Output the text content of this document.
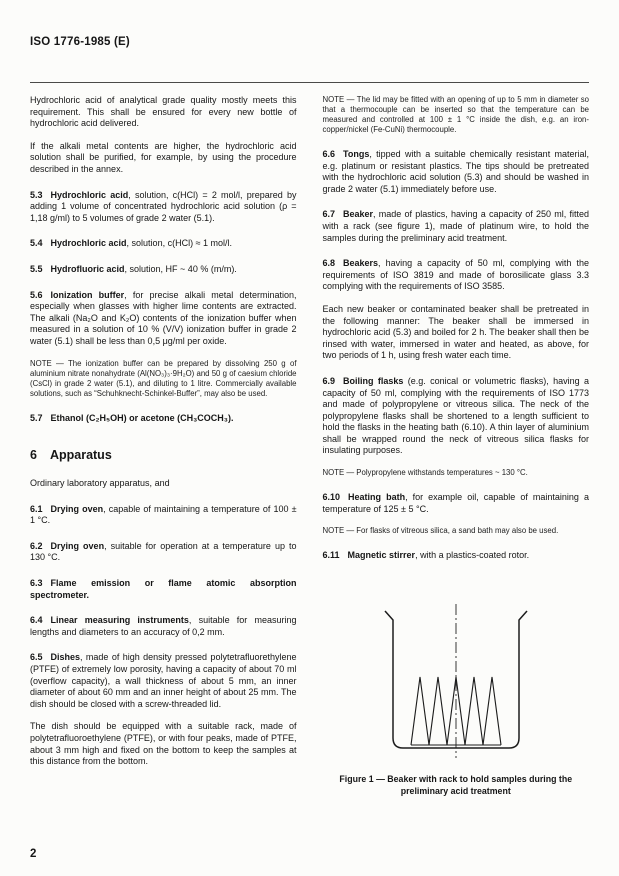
ISO 1776-1985 (E)

Hydrochloric acid of analytical grade quality mostly meets this requirement. This shall be ensured for every new bottle of hydrochloric acid delivered.

If the alkali metal contents are higher, the hydrochloric acid solution shall be purified, for example, by using the procedure described in the annex.

5.3 Hydrochloric acid, solution, c(HCl) = 2 mol/l, prepared by adding 1 volume of concentrated hydrochloric acid solution (ρ = 1,18 g/ml) to 5 volumes of grade 2 water (5.1).

5.4 Hydrochloric acid, solution, c(HCl) ≈ 1 mol/l.

5.5 Hydrofluoric acid, solution, HF ~ 40 % (m/m).

5.6 Ionization buffer, for precise alkali metal determination, especially when glasses with higher lime contents are extracted. The alkali (Na₂O and K₂O) contents of the ionization buffer when measured in a solution of 10 % (V/V) ionization buffer in grade 2 water (5.1) shall be less than 0,5 μg/ml per oxide.

NOTE — The ionization buffer can be prepared by dissolving 250 g of aluminium nitrate nonahydrate (Al(NO₃)₃·9H₂O) and 50 g of caesium chloride (CsCl) in grade 2 water (5.1), and diluting to 1 litre. Commercially available solutions, such as “Schuhknecht-Schinkel-Buffer”, may also be used.

5.7 Ethanol (C₂H₅OH) or acetone (CH₃COCH₃).

6 Apparatus

Ordinary laboratory apparatus, and

6.1 Drying oven, capable of maintaining a temperature of 100 ± 1 °C.

6.2 Drying oven, suitable for operation at a temperature up to 130 °C.

6.3 Flame emission or flame atomic absorption spectrometer.

6.4 Linear measuring instruments, suitable for measuring lengths and diameters to an accuracy of 0,2 mm.

6.5 Dishes, made of high density pressed polytetrafluorethylene (PTFE) of extremely low porosity, having a capacity of about 70 ml (overflow capacity), a wall thickness of about 5 mm, an inner diameter of about 60 mm and an inner height of about 25 mm. The dish should be closed with a screw-threaded lid.

The dish should be equipped with a suitable rack, made of polytetrafluoroethylene (PTFE), or with four peaks, made of PTFE, about 3 mm high and fixed on the bottom to keep the samples at this distance from the bottom.

NOTE — The lid may be fitted with an opening of up to 5 mm in diameter so that a thermocouple can be inserted so that the temperature can be measured and controlled at 100 ± 1 °C inside the dish, e.g. an iron-copper/nickel (Fe-CuNi) thermocouple.

6.6 Tongs, tipped with a suitable chemically resistant material, e.g. platinum or resistant plastics. The tips should be pretreated with the hydrochloric acid solution (5.3) and should be washed in grade 2 water (5.1) immediately before use.

6.7 Beaker, made of plastics, having a capacity of 250 ml, fitted with a rack (see figure 1), made of platinum wire, to hold the samples during the preliminary acid treatment.

6.8 Beakers, having a capacity of 50 ml, complying with the requirements of ISO 3819 and made of borosilicate glass 3.3 complying with the requirements of ISO 3585.

Each new beaker or contaminated beaker shall be pretreated in the following manner: The beaker shall be immersed in hydrochloric acid (5.3) and boiled for 2 h. The beaker shall then be rinsed with water, immersed in water and heated, as above, for two periods of 1 h, using fresh water each time.

6.9 Boiling flasks (e.g. conical or volumetric flasks), having a capacity of 50 ml, complying with the requirements of ISO 1773 and made of polypropylene or vitreous silica. The neck of the polypropylene flasks shall be shortened to a length sufficient to hold the flasks in the heating bath (6.10). A thin layer of aluminium shall be wrapped round the neck of vitreous silica flasks for insulating purposes.

NOTE — Polypropylene withstands temperatures ~ 130 °C.

6.10 Heating bath, for example oil, capable of maintaining a temperature of 125 ± 5 °C.

NOTE — For flasks of vitreous silica, a sand bath may also be used.

6.11 Magnetic stirrer, with a plastics-coated rotor.

Figure 1 — Beaker with rack to hold samples during the preliminary acid treatment
2
